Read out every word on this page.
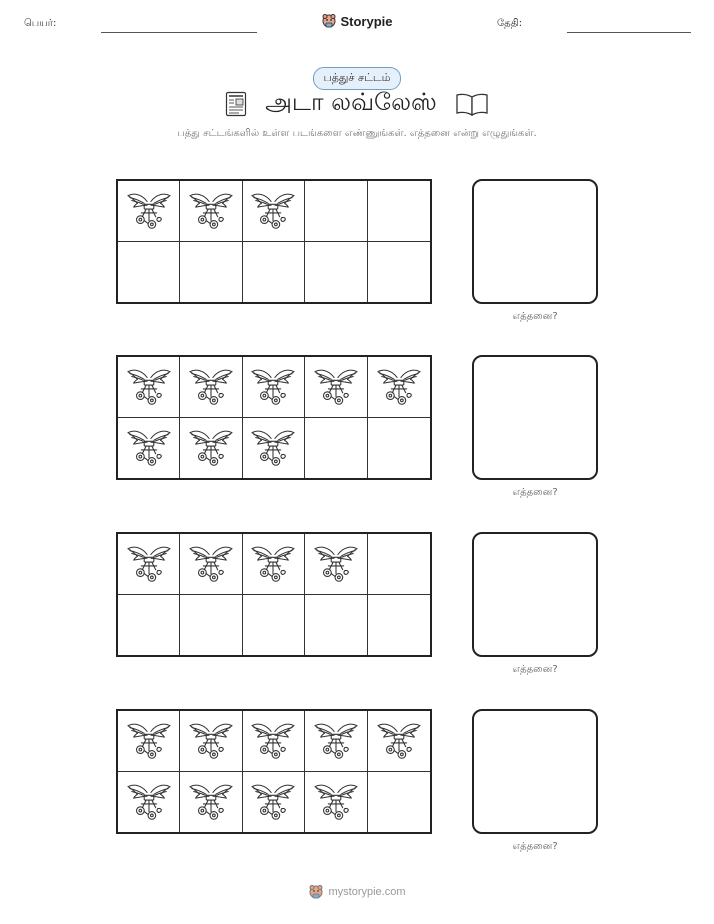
பெயர்:	Storypie	தேதி:
பத்துச் சட்டம்
அடா லவ்லேஸ்
பத்து சட்டங்களில் உள்ள படங்களை எண்ணுங்கள். எத்தனை என்று எழுதுங்கள்.
எத்தனை?
எத்தனை?
எத்தனை?
எத்தனை?
mystorypie.com
